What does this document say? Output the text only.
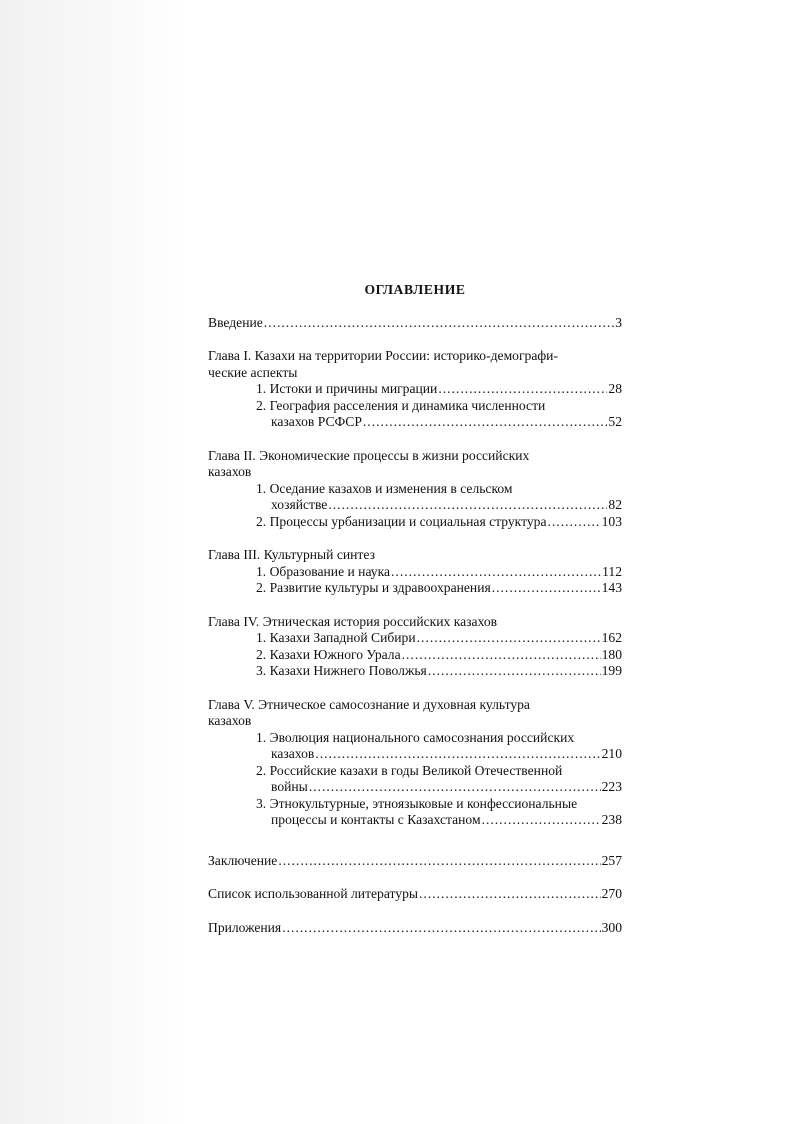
ОГЛАВЛЕНИЕ
Введение .....	3
Глава I. Казахи на территории России: историко-демографи-
ческие аспекты
1. Истоки и причины миграции .....	28
2. География расселения и динамика численности
казахов РСФСР .....	52
Глава II. Экономические процессы в жизни российских
казахов
1. Оседание казахов и изменения в сельском
хозяйстве .....	82
2. Процессы урбанизации и социальная структура .....	103
Глава III. Культурный синтез
1. Образование и наука .....	112
2. Развитие культуры и здравоохранения .....	143
Глава IV. Этническая история российских казахов
1. Казахи Западной Сибири .....	162
2. Казахи Южного Урала .....	180
3. Казахи Нижнего Поволжья .....	199
Глава V. Этническое самосознание и духовная культура
казахов
1. Эволюция национального самосознания российских
казахов .....	210
2. Российские казахи в годы Великой Отечественной
войны .....	223
3. Этнокультурные, этноязыковые и конфессиональные
процессы и контакты с Казахстаном .....	238
Заключение .....	257
Список использованной литературы .....	270
Приложения .....	300
